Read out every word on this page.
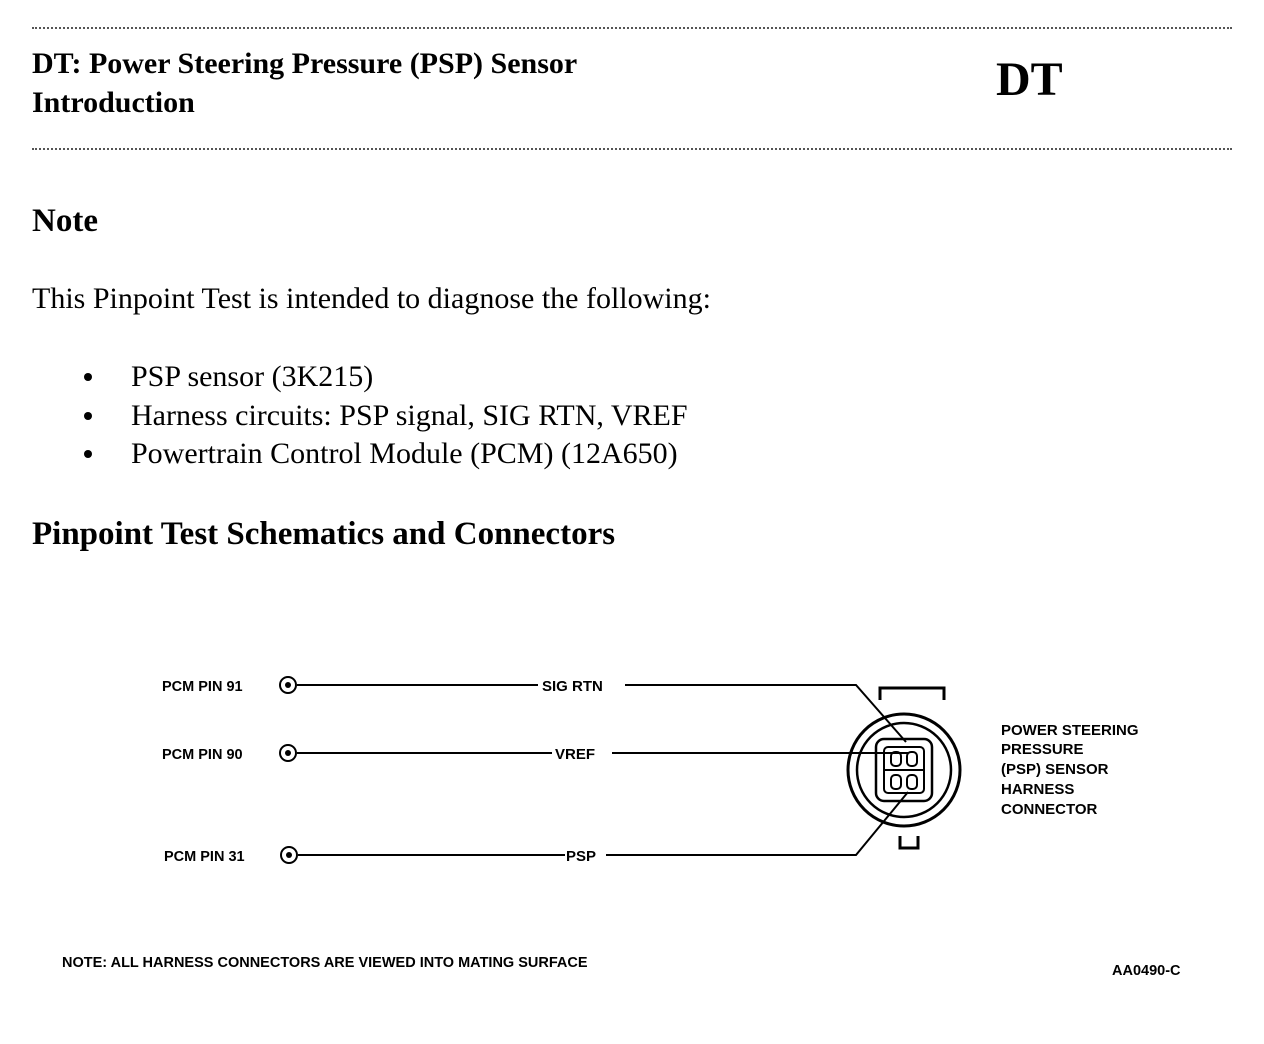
DT: Power Steering Pressure (PSP) Sensor
Introduction	DT
Note

This Pinpoint Test is intended to diagnose the following:

PSP sensor (3K215)
Harness circuits: PSP signal, SIG RTN, VREF
Powertrain Control Module (PCM) (12A650)
Pinpoint Test Schematics and Connectors
PCM PIN 91
PCM PIN 90
PCM PIN 31
SIG RTN
VREF
PSP
POWER STEERING PRESSURE (PSP) SENSOR HARNESS CONNECTOR
NOTE: ALL HARNESS CONNECTORS ARE VIEWED INTO MATING SURFACE	AA0490-C
